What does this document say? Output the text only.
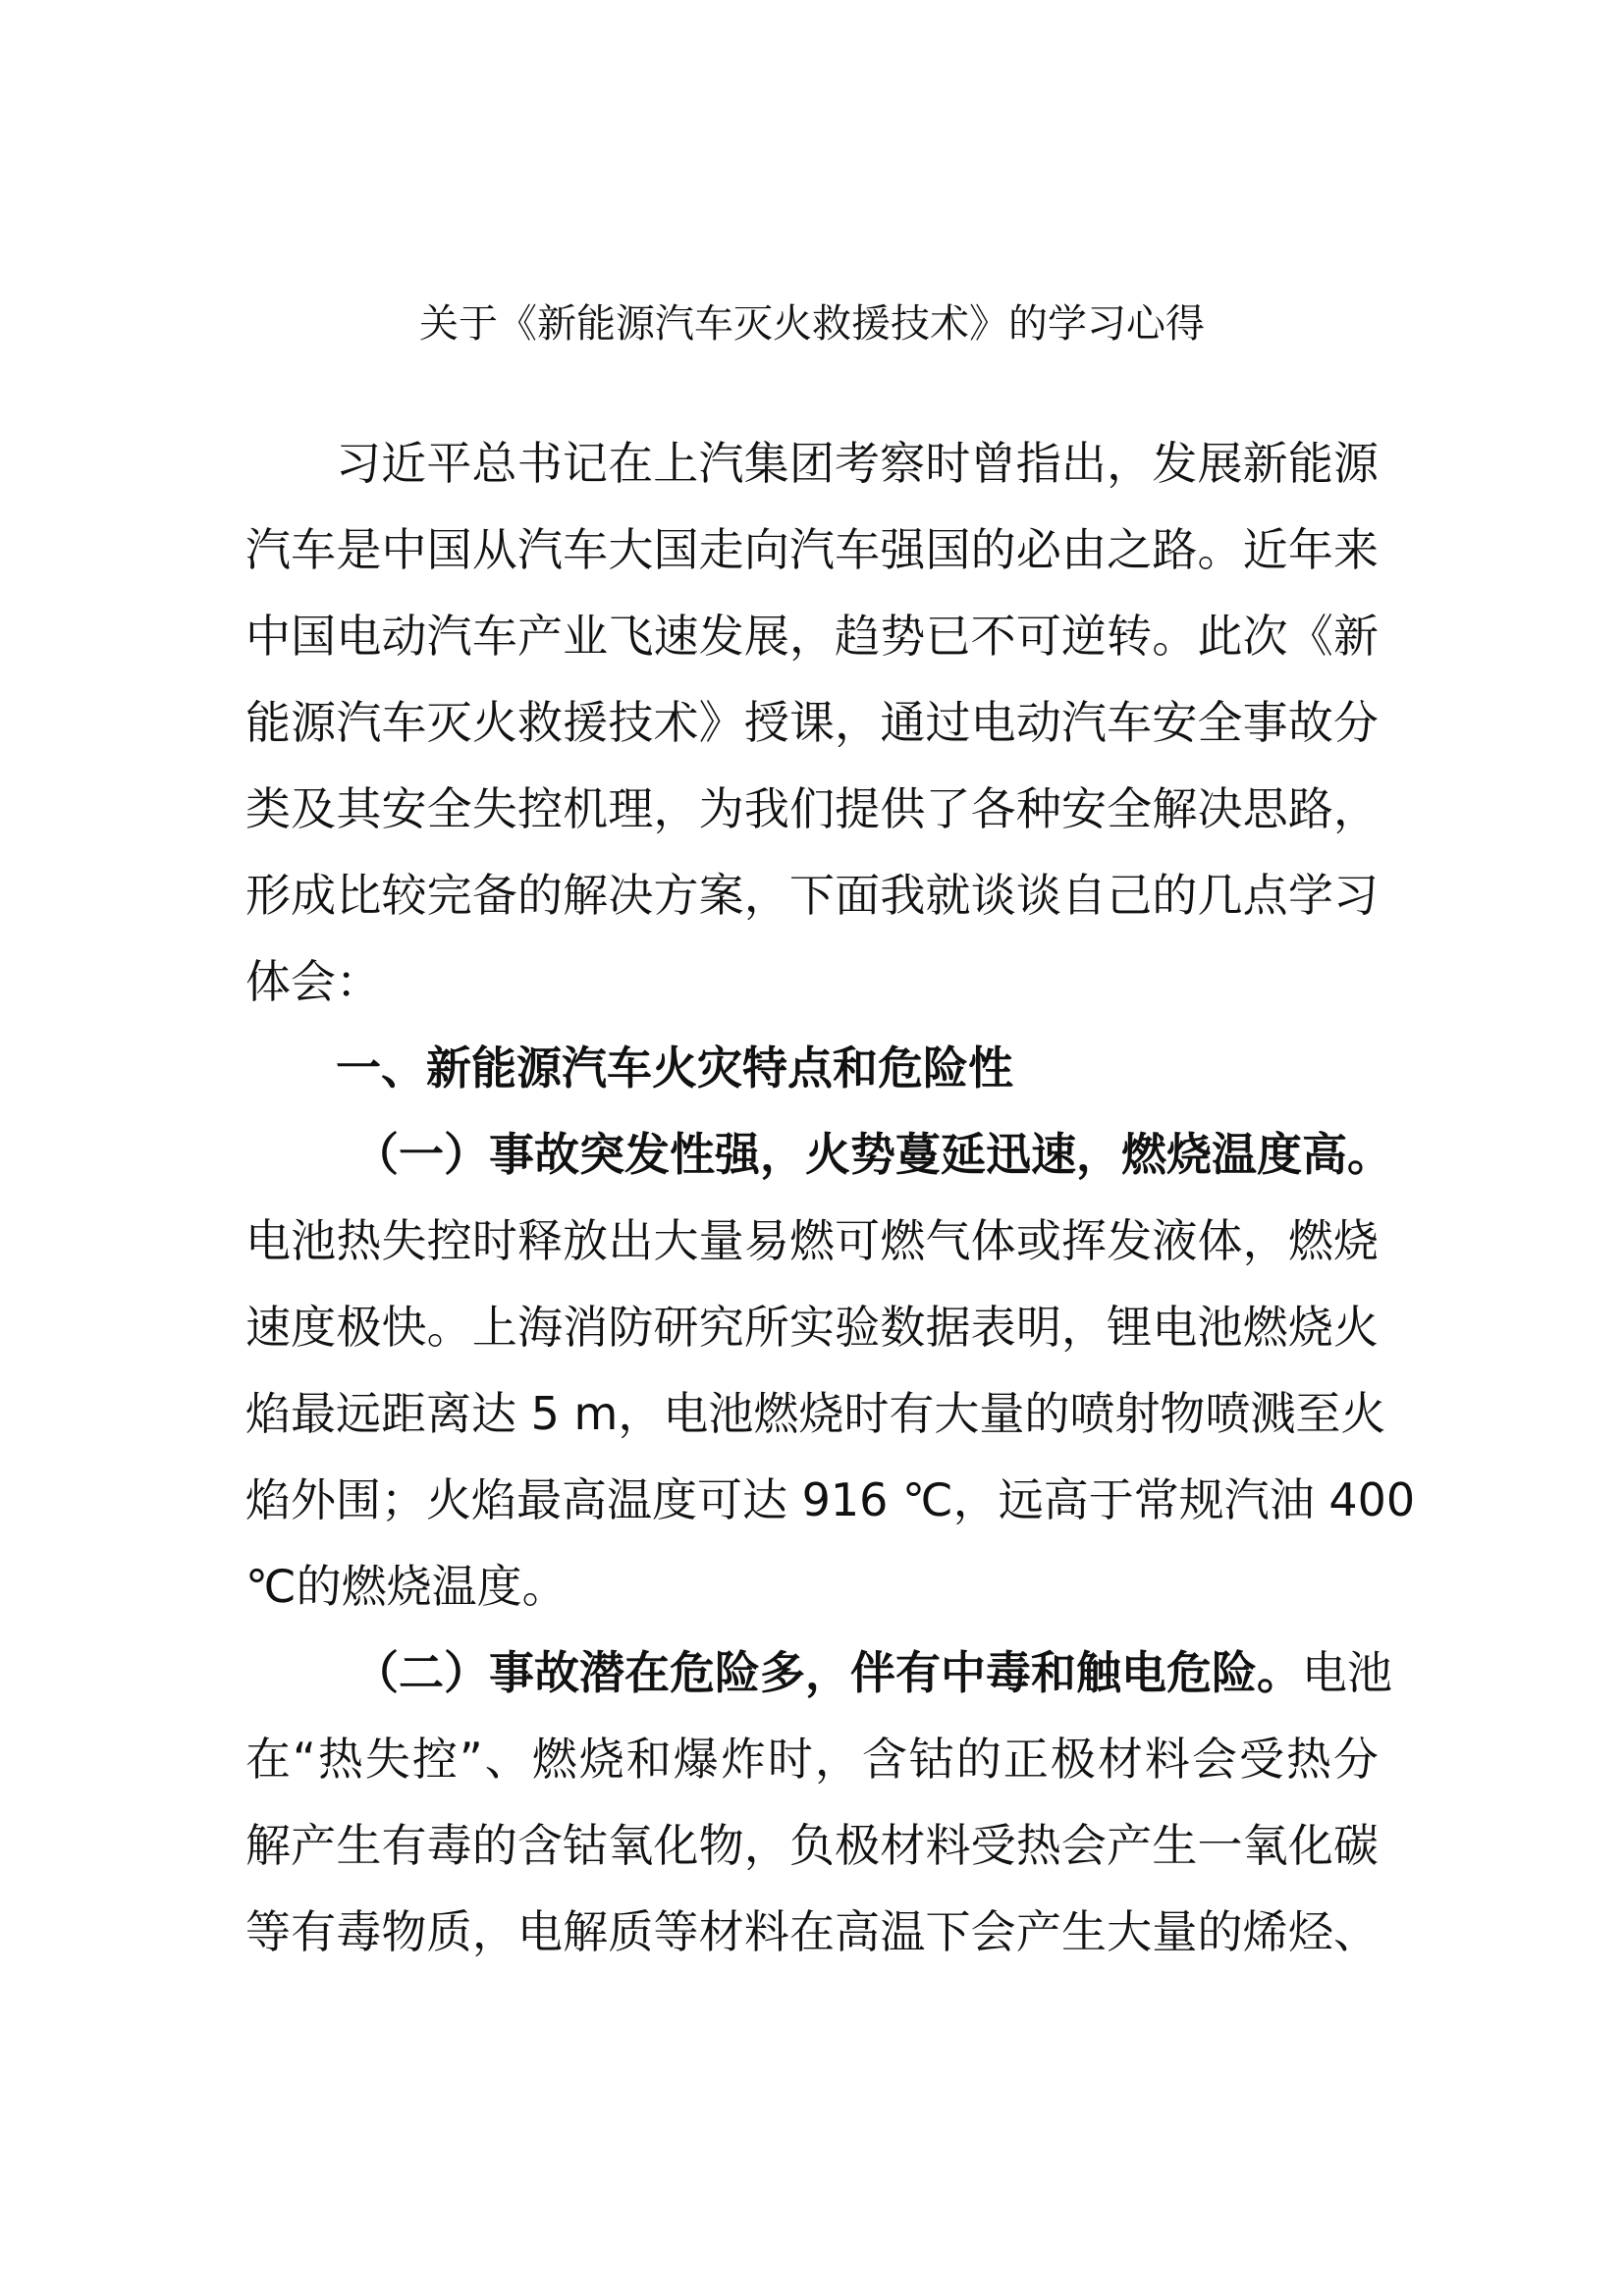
关于《新能源汽车灭火救援技术》的学习心得
习近平总书记在上汽集团考察时曾指出，发展新能源
汽车是中国从汽车大国走向汽车强国的必由之路。近年来
中国电动汽车产业飞速发展，趋势已不可逆转。此次《新
能源汽车灭火救援技术》授课，通过电动汽车安全事故分
类及其安全失控机理，为我们提供了各种安全解决思路，
形成比较完备的解决方案，下面我就谈谈自己的几点学习
体会：
一、新能源汽车火灾特点和危险性
（一）事故突发性强，火势蔓延迅速，燃烧温度高。
电池热失控时释放出大量易燃可燃气体或挥发液体，燃烧
速度极快。上海消防研究所实验数据表明，锂电池燃烧火
焰最远距离达 5 m，电池燃烧时有大量的喷射物喷溅至火
焰外围；火焰最高温度可达 916 ℃，远高于常规汽油 400
℃的燃烧温度。
（二）事故潜在危险多，伴有中毒和触电危险。电池
在“热失控”、燃烧和爆炸时，含钴的正极材料会受热分
解产生有毒的含钴氧化物，负极材料受热会产生一氧化碳
等有毒物质，电解质等材料在高温下会产生大量的烯烃、
